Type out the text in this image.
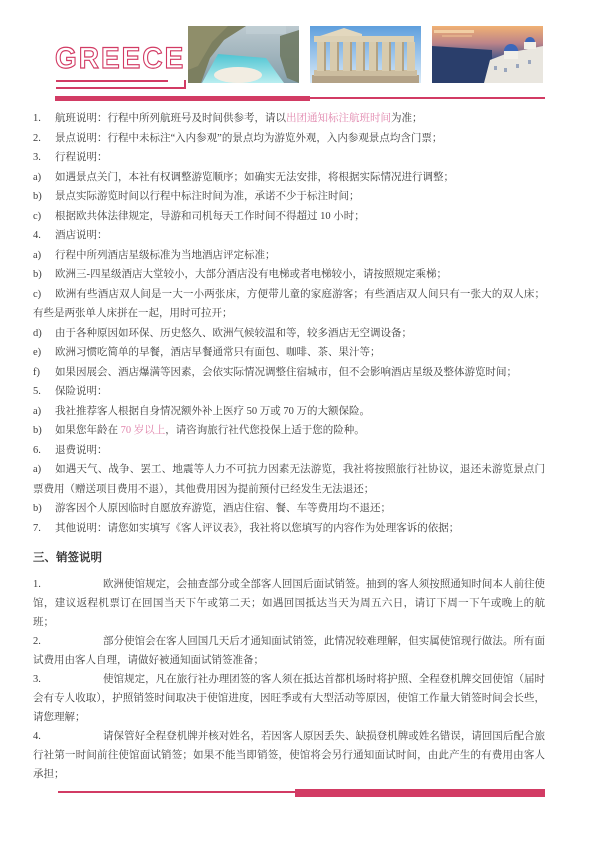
GREECE

1. 航班说明：行程中所列航班号及时间供参考，请以出团通知标注航班时间为准；

2. 景点说明：行程中未标注“入内参观”的景点均为游览外观，入内参观景点均含门票；

3. 行程说明：

a) 如遇景点关门，本社有权调整游览顺序；如确实无法安排，将根据实际情况进行调整；

b) 景点实际游览时间以行程中标注时间为准，承诺不少于标注时间；

c) 根据欧共体法律规定，导游和司机每天工作时间不得超过 10 小时；

4. 酒店说明：

a) 行程中所列酒店星级标准为当地酒店评定标准；

b) 欧洲三-四星级酒店大堂较小，大部分酒店没有电梯或者电梯较小，请按照规定乘梯；

c) 欧洲有些酒店双人间是一大一小两张床，方便带儿童的家庭游客；有些酒店双人间只有一张大的双人床；有些是两张单人床拼在一起，用时可拉开；

d) 由于各种原因如环保、历史悠久、欧洲气候较温和等，较多酒店无空调设备；

e) 欧洲习惯吃简单的早餐，酒店早餐通常只有面包、咖啡、茶、果汁等；

f) 如果因展会、酒店爆满等因素，会依实际情况调整住宿城市，但不会影响酒店星级及整体游览时间；

5. 保险说明：

a) 我社推荐客人根据自身情况额外补上医疗 50 万或 70 万的大额保险。

b) 如果您年龄在 70 岁以上，请咨询旅行社代您投保上适于您的险种。

6. 退费说明：

a) 如遇天气、战争、罢工、地震等人力不可抗力因素无法游览，我社将按照旅行社协议，退还未游览景点门票费用（赠送项目费用不退），其他费用因为提前预付已经发生无法退还；

b) 游客因个人原因临时自愿放弃游览，酒店住宿、餐、车等费用均不退还；

7. 其他说明：请您如实填写《客人评议表》，我社将以您填写的内容作为处理客诉的依据；

三、销签说明

1.	欧洲使馆规定，会抽查部分或全部客人回国后面试销签。抽到的客人须按照通知时间本人前往使馆，建议返程机票订在回国当天下午或第二天；如遇回国抵达当天为周五六日，请订下周一下午或晚上的航班；

2.	部分使馆会在客人回国几天后才通知面试销签，此情况较难理解，但实属使馆现行做法。所有面试费用由客人自理，请做好被通知面试销签准备；

3.	使馆规定，凡在旅行社办理团签的客人须在抵达首都机场时将护照、全程登机牌交回使馆（届时会有专人收取），护照销签时间取决于使馆进度，因旺季或有大型活动等原因，使馆工作量大销签时间会长些，请您理解；

4.	请保管好全程登机牌并核对姓名，若因客人原因丢失、缺损登机牌或姓名错误，请回国后配合旅行社第一时间前往使馆面试销签；如果不能当即销签，使馆将会另行通知面试时间，由此产生的有费用由客人承担；
